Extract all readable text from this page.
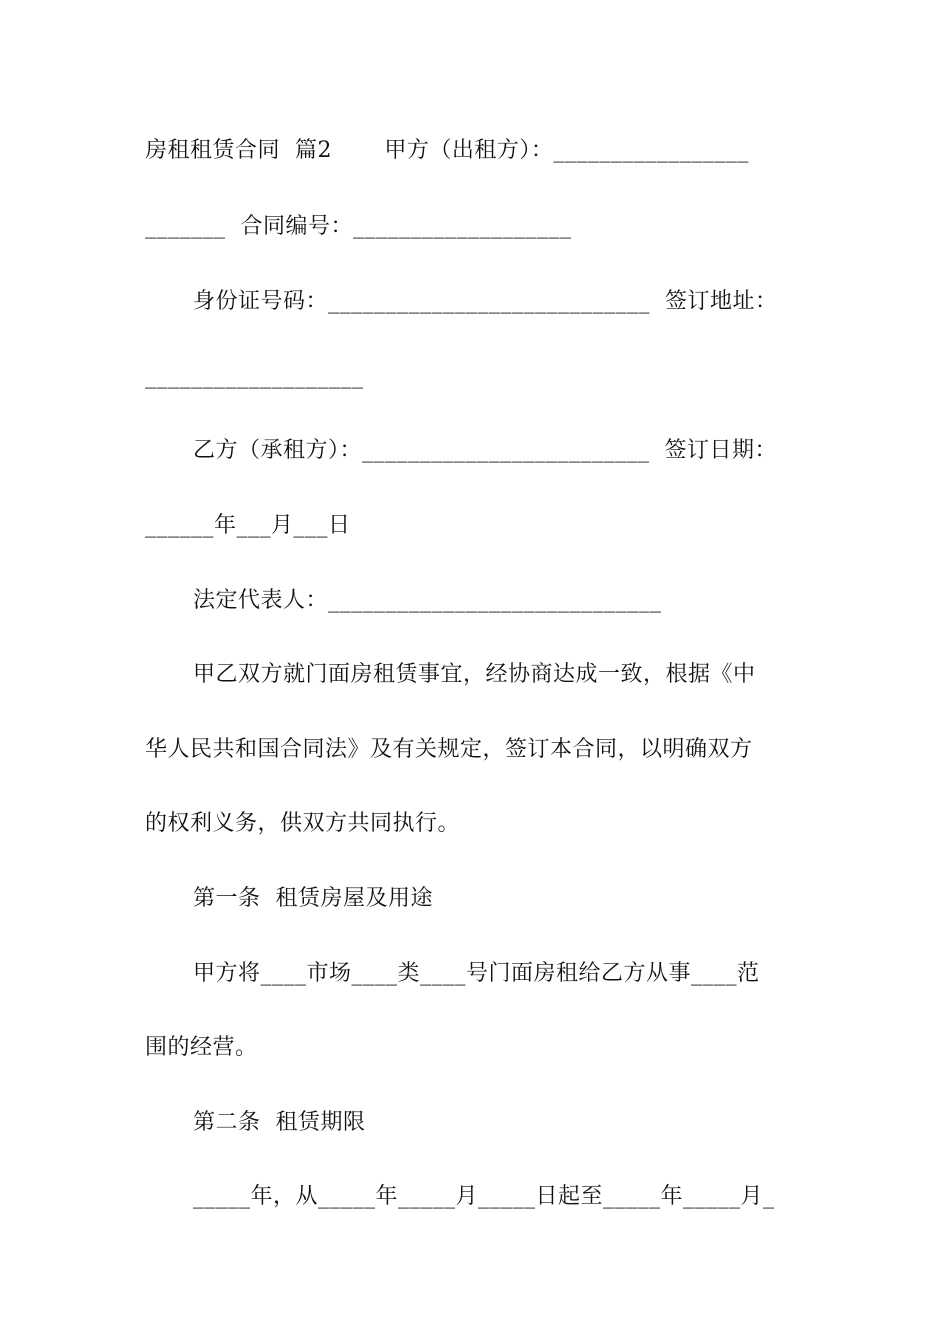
房租租赁合同  篇2       甲方（出租方）：_________________
_______  合同编号：___________________
身份证号码：____________________________  签订地址：
___________________
乙方（承租方）：_________________________  签订日期：
______年___月___日
法定代表人：_____________________________
甲乙双方就门面房租赁事宜，经协商达成一致，根据《中
华人民共和国合同法》及有关规定，签订本合同，以明确双方
的权利义务，供双方共同执行。
第一条  租赁房屋及用途
甲方将____市场____类____号门面房租给乙方从事____范
围的经营。
第二条  租赁期限
_____年，从_____年_____月_____日起至_____年_____月_
